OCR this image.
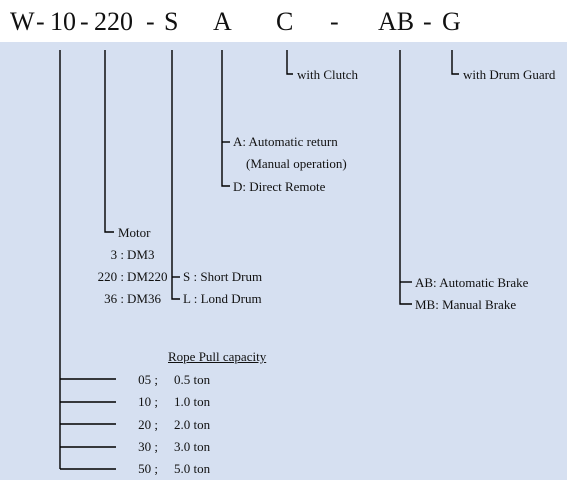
W - 10 - 220 - S A C - AB - G
with Clutch	with Drum Guard
A: Automatic return
(Manual operation)
D: Direct Remote
Motor
3 : DM3
220 : DM220
36 : DM36
S : Short Drum
L : Lond Drum
AB: Automatic Brake
MB: Manual Brake
Rope Pull capacity
05 ; 0.5 ton
10 ; 1.0 ton
20 ; 2.0 ton
30 ; 3.0 ton
50 ; 5.0 ton
